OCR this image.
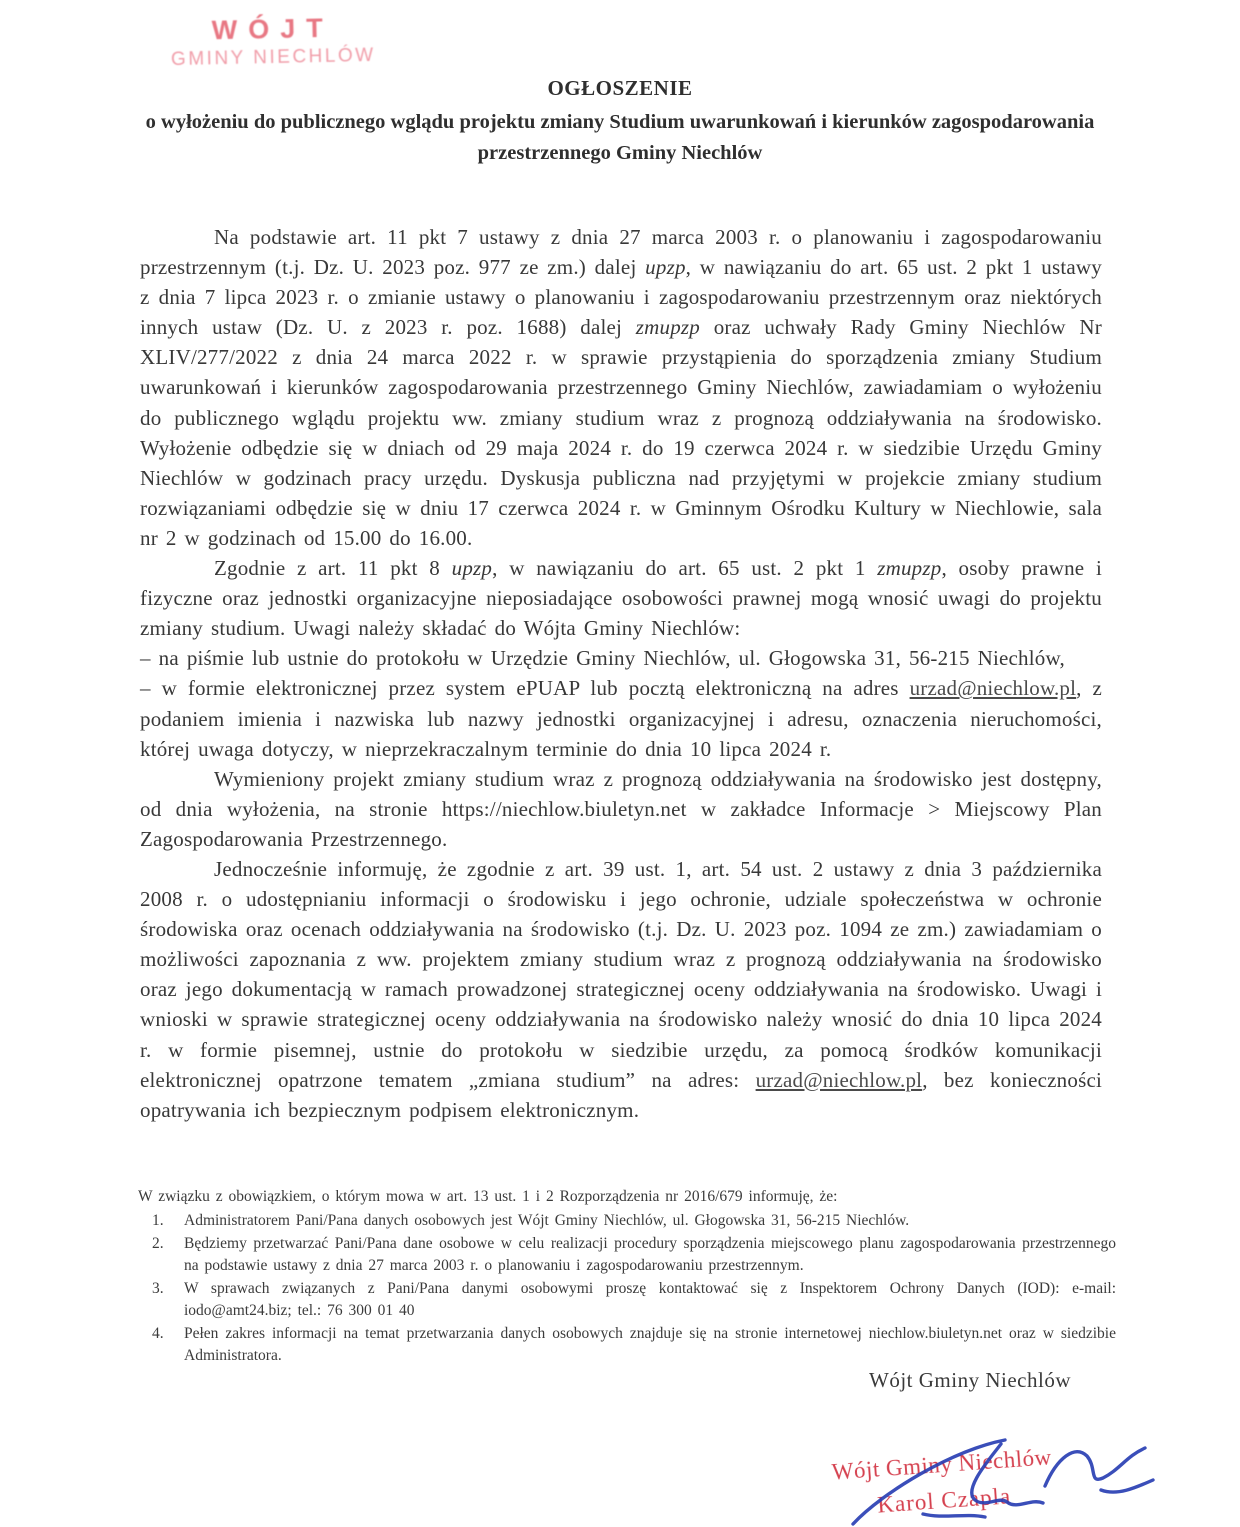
WÓJT
GMINY NIECHLÓW
OGŁOSZENIE
o wyłożeniu do publicznego wglądu projektu zmiany Studium uwarunkowań i kierunków zagospodarowania przestrzennego Gminy Niechlów

Na podstawie art. 11 pkt 7 ustawy z dnia 27 marca 2003 r. o planowaniu i zagospodarowaniu przestrzennym (t.j. Dz. U. 2023 poz. 977 ze zm.) dalej upzp, w nawiązaniu do art. 65 ust. 2 pkt 1 ustawy z dnia 7 lipca 2023 r. o zmianie ustawy o planowaniu i zagospodarowaniu przestrzennym oraz niektórych innych ustaw (Dz. U. z 2023 r. poz. 1688) dalej zmupzp oraz uchwały Rady Gminy Niechlów Nr XLIV/277/2022 z dnia 24 marca 2022 r. w sprawie przystąpienia do sporządzenia zmiany Studium uwarunkowań i kierunków zagospodarowania przestrzennego Gminy Niechlów, zawiadamiam o wyłożeniu do publicznego wglądu projektu ww. zmiany studium wraz z prognozą oddziaływania na środowisko. Wyłożenie odbędzie się w dniach od 29 maja 2024 r. do 19 czerwca 2024 r. w siedzibie Urzędu Gminy Niechlów w godzinach pracy urzędu. Dyskusja publiczna nad przyjętymi w projekcie zmiany studium rozwiązaniami odbędzie się w dniu 17 czerwca 2024 r. w Gminnym Ośrodku Kultury w Niechlowie, sala nr 2 w godzinach od 15.00 do 16.00.

Zgodnie z art. 11 pkt 8 upzp, w nawiązaniu do art. 65 ust. 2 pkt 1 zmupzp, osoby prawne i fizyczne oraz jednostki organizacyjne nieposiadające osobowości prawnej mogą wnosić uwagi do projektu zmiany studium. Uwagi należy składać do Wójta Gminy Niechlów:

– na piśmie lub ustnie do protokołu w Urzędzie Gminy Niechlów, ul. Głogowska 31, 56-215 Niechlów,

– w formie elektronicznej przez system ePUAP lub pocztą elektroniczną na adres urzad@niechlow.pl, z podaniem imienia i nazwiska lub nazwy jednostki organizacyjnej i adresu, oznaczenia nieruchomości, której uwaga dotyczy, w nieprzekraczalnym terminie do dnia 10 lipca 2024 r.

Wymieniony projekt zmiany studium wraz z prognozą oddziaływania na środowisko jest dostępny, od dnia wyłożenia, na stronie https://niechlow.biuletyn.net w zakładce Informacje > Miejscowy Plan Zagospodarowania Przestrzennego.

Jednocześnie informuję, że zgodnie z art. 39 ust. 1, art. 54 ust. 2 ustawy z dnia 3 października 2008 r. o udostępnianiu informacji o środowisku i jego ochronie, udziale społeczeństwa w ochronie środowiska oraz ocenach oddziaływania na środowisko (t.j. Dz. U. 2023 poz. 1094 ze zm.) zawiadamiam o możliwości zapoznania z ww. projektem zmiany studium wraz z prognozą oddziaływania na środowisko oraz jego dokumentacją w ramach prowadzonej strategicznej oceny oddziaływania na środowisko. Uwagi i wnioski w sprawie strategicznej oceny oddziaływania na środowisko należy wnosić do dnia 10 lipca 2024 r. w formie pisemnej, ustnie do protokołu w siedzibie urzędu, za pomocą środków komunikacji elektronicznej opatrzone tematem „zmiana studium” na adres: urzad@niechlow.pl, bez konieczności opatrywania ich bezpiecznym podpisem elektronicznym.

W związku z obowiązkiem, o którym mowa w art. 13 ust. 1 i 2 Rozporządzenia nr 2016/679 informuję, że:
1.	Administratorem Pani/Pana danych osobowych jest Wójt Gminy Niechlów, ul. Głogowska 31, 56-215 Niechlów.
2.	Będziemy przetwarzać Pani/Pana dane osobowe w celu realizacji procedury sporządzenia miejscowego planu zagospodarowania przestrzennego na podstawie ustawy z dnia 27 marca 2003 r. o planowaniu i zagospodarowaniu przestrzennym.
3.	W sprawach związanych z Pani/Pana danymi osobowymi proszę kontaktować się z Inspektorem Ochrony Danych (IOD): e-mail: iodo@amt24.biz; tel.: 76 300 01 40
4.	Pełen zakres informacji na temat przetwarzania danych osobowych znajduje się na stronie internetowej niechlow.biuletyn.net oraz w siedzibie Administratora.
Wójt Gminy Niechlów
Wójt Gminy Niechlów
Karol Czapla
